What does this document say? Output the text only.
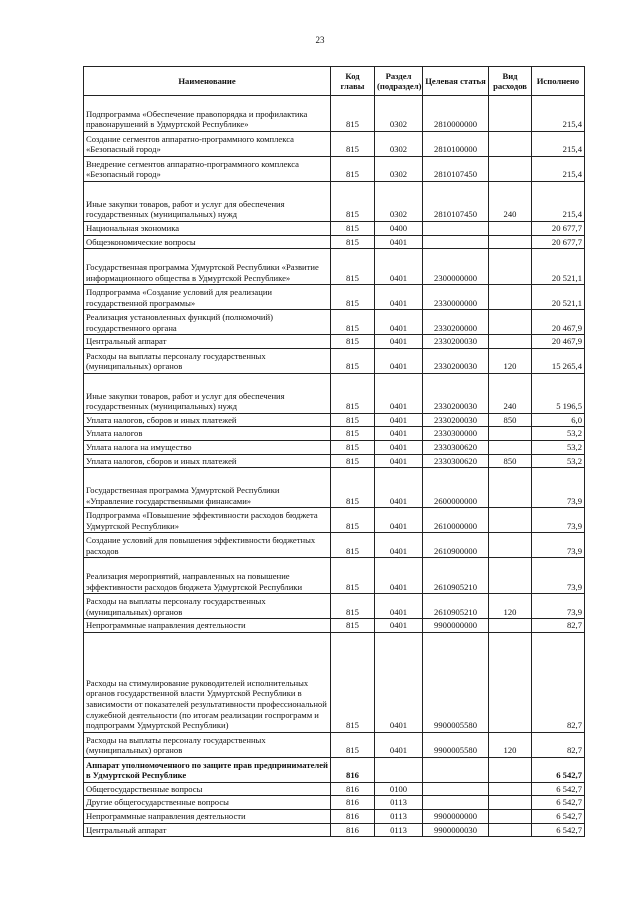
23
Наименование	Код главы	Раздел (подраздел)	Целевая статья	Вид расходов	Исполнено
Подпрограмма «Обеспечение правопорядка и профилактика правонарушений в Удмуртской Республике»	815	0302	2810000000		215,4
Создание сегментов аппаратно-программного комплекса «Безопасный город»	815	0302	2810100000		215,4
Внедрение сегментов аппаратно-программного комплекса «Безопасный город»	815	0302	2810107450		215,4
Иные закупки товаров, работ и услуг для обеспечения государственных (муниципальных) нужд	815	0302	2810107450	240	215,4
Национальная экономика	815	0400			20 677,7
Общеэкономические вопросы	815	0401			20 677,7
Государственная программа Удмуртской Республики «Развитие информационного общества в Удмуртской Республике»	815	0401	2300000000		20 521,1
Подпрограмма «Создание условий для реализации государственной программы»	815	0401	2330000000		20 521,1
Реализация установленных функций (полномочий) государственного органа	815	0401	2330200000		20 467,9
Центральный аппарат	815	0401	2330200030		20 467,9
Расходы на выплаты персоналу государственных (муниципальных) органов	815	0401	2330200030	120	15 265,4
Иные закупки товаров, работ и услуг для обеспечения государственных (муниципальных) нужд	815	0401	2330200030	240	5 196,5
Уплата налогов, сборов и иных платежей	815	0401	2330200030	850	6,0
Уплата налогов	815	0401	2330300000		53,2
Уплата налога на имущество	815	0401	2330300620		53,2
Уплата налогов, сборов и иных платежей	815	0401	2330300620	850	53,2
Государственная программа Удмуртской Республики «Управление государственными финансами»	815	0401	2600000000		73,9
Подпрограмма «Повышение эффективности расходов бюджета Удмуртской Республики»	815	0401	2610000000		73,9
Создание условий для повышения эффективности бюджетных расходов	815	0401	2610900000		73,9
Реализация мероприятий, направленных на повышение эффективности расходов бюджета Удмуртской Республики	815	0401	2610905210		73,9
Расходы на выплаты персоналу государственных (муниципальных) органов	815	0401	2610905210	120	73,9
Непрограммные направления деятельности	815	0401	9900000000		82,7
Расходы на стимулирование руководителей исполнительных органов государственной власти Удмуртской Республики в зависимости от показателей результативности профессиональной служебной деятельности (по итогам реализации госпрограмм и подпрограмм Удмуртской Республики)	815	0401	9900005580		82,7
Расходы на выплаты персоналу государственных (муниципальных) органов	815	0401	9900005580	120	82,7
Аппарат уполномоченного по защите прав предпринимателей в Удмуртской Республике	816				6 542,7
Общегосударственные вопросы	816	0100			6 542,7
Другие общегосударственные вопросы	816	0113			6 542,7
Непрограммные направления деятельности	816	0113	9900000000		6 542,7
Центральный аппарат	816	0113	9900000030		6 542,7
